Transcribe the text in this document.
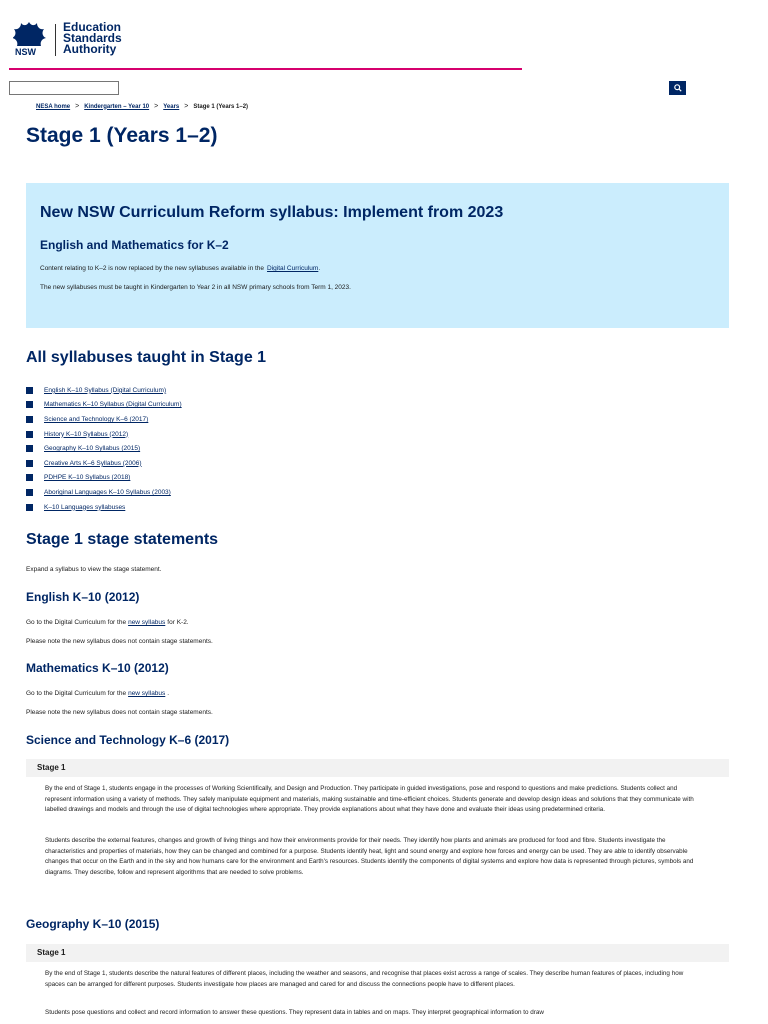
NSW
Education
Standards
Authority
NESA home > Kindergarten – Year 10 > Years > Stage 1 (Years 1–2)
Stage 1 (Years 1–2)
New NSW Curriculum Reform syllabus: Implement from 2023
English and Mathematics for K–2

Content relating to K–2 is now replaced by the new syllabuses available in the Digital Curriculum.

The new syllabuses must be taught in Kindergarten to Year 2 in all NSW primary schools from Term 1, 2023.

All syllabuses taught in Stage 1
English K–10 Syllabus (Digital Curriculum)
Mathematics K–10 Syllabus (Digital Curriculum)
Science and Technology K–6 (2017)
History K–10 Syllabus (2012)
Geography K–10 Syllabus (2015)
Creative Arts K–6 Syllabus (2006)
PDHPE K–10 Syllabus (2018)
Aboriginal Languages K–10 Syllabus (2003)
K–10 Languages syllabuses
Stage 1 stage statements

Expand a syllabus to view the stage statement.

English K–10 (2012)

Go to the Digital Curriculum for the new syllabus for K-2.

Please note the new syllabus does not contain stage statements.

Mathematics K–10 (2012)

Go to the Digital Curriculum for the new syllabus .

Please note the new syllabus does not contain stage statements.

Science and Technology K–6 (2017)
Stage 1

By the end of Stage 1, students engage in the processes of Working Scientifically, and Design and Production. They participate in guided investigations, pose and respond to questions and make predictions. Students collect and represent information using a variety of methods. They safely manipulate equipment and materials, making sustainable and time-efficient choices. Students generate and develop design ideas and solutions that they communicate with labelled drawings and models and through the use of digital technologies where appropriate. They provide explanations about what they have done and evaluate their ideas using predetermined criteria.

Students describe the external features, changes and growth of living things and how their environments provide for their needs. They identify how plants and animals are produced for food and fibre. Students investigate the characteristics and properties of materials, how they can be changed and combined for a purpose. Students identify heat, light and sound energy and explore how forces and energy can be used. They are able to identify observable changes that occur on the Earth and in the sky and how humans care for the environment and Earth's resources. Students identify the components of digital systems and explore how data is represented through pictures, symbols and diagrams. They describe, follow and represent algorithms that are needed to solve problems.

Geography K–10 (2015)
Stage 1

By the end of Stage 1, students describe the natural features of different places, including the weather and seasons, and recognise that places exist across a range of scales. They describe human features of places, including how spaces can be arranged for different purposes. Students investigate how places are managed and cared for and discuss the connections people have to different places.

Students pose questions and collect and record information to answer these questions. They represent data in tables and on maps. They interpret geographical information to draw
